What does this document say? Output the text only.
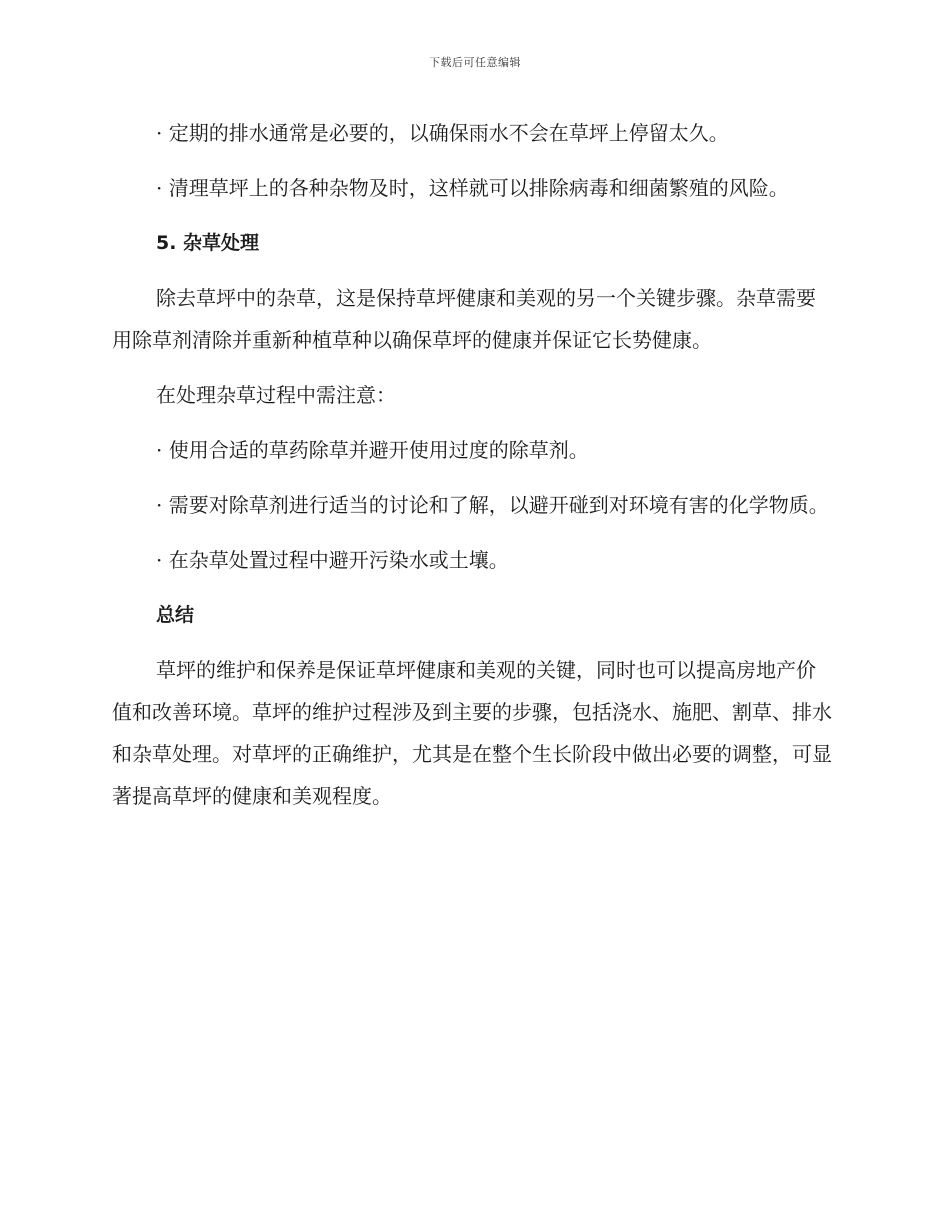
下载后可任意编辑

· 定期的排水通常是必要的，以确保雨水不会在草坪上停留太久。

· 清理草坪上的各种杂物及时，这样就可以排除病毒和细菌繁殖的风险。

5. 杂草处理

除去草坪中的杂草，这是保持草坪健康和美观的另一个关键步骤。杂草需要用除草剂清除并重新种植草种以确保草坪的健康并保证它长势健康。

在处理杂草过程中需注意：

· 使用合适的草药除草并避开使用过度的除草剂。

· 需要对除草剂进行适当的讨论和了解，以避开碰到对环境有害的化学物质。

· 在杂草处置过程中避开污染水或土壤。

总结

草坪的维护和保养是保证草坪健康和美观的关键，同时也可以提高房地产价值和改善环境。草坪的维护过程涉及到主要的步骤，包括浇水、施肥、割草、排水和杂草处理。对草坪的正确维护，尤其是在整个生长阶段中做出必要的调整，可显著提高草坪的健康和美观程度。
